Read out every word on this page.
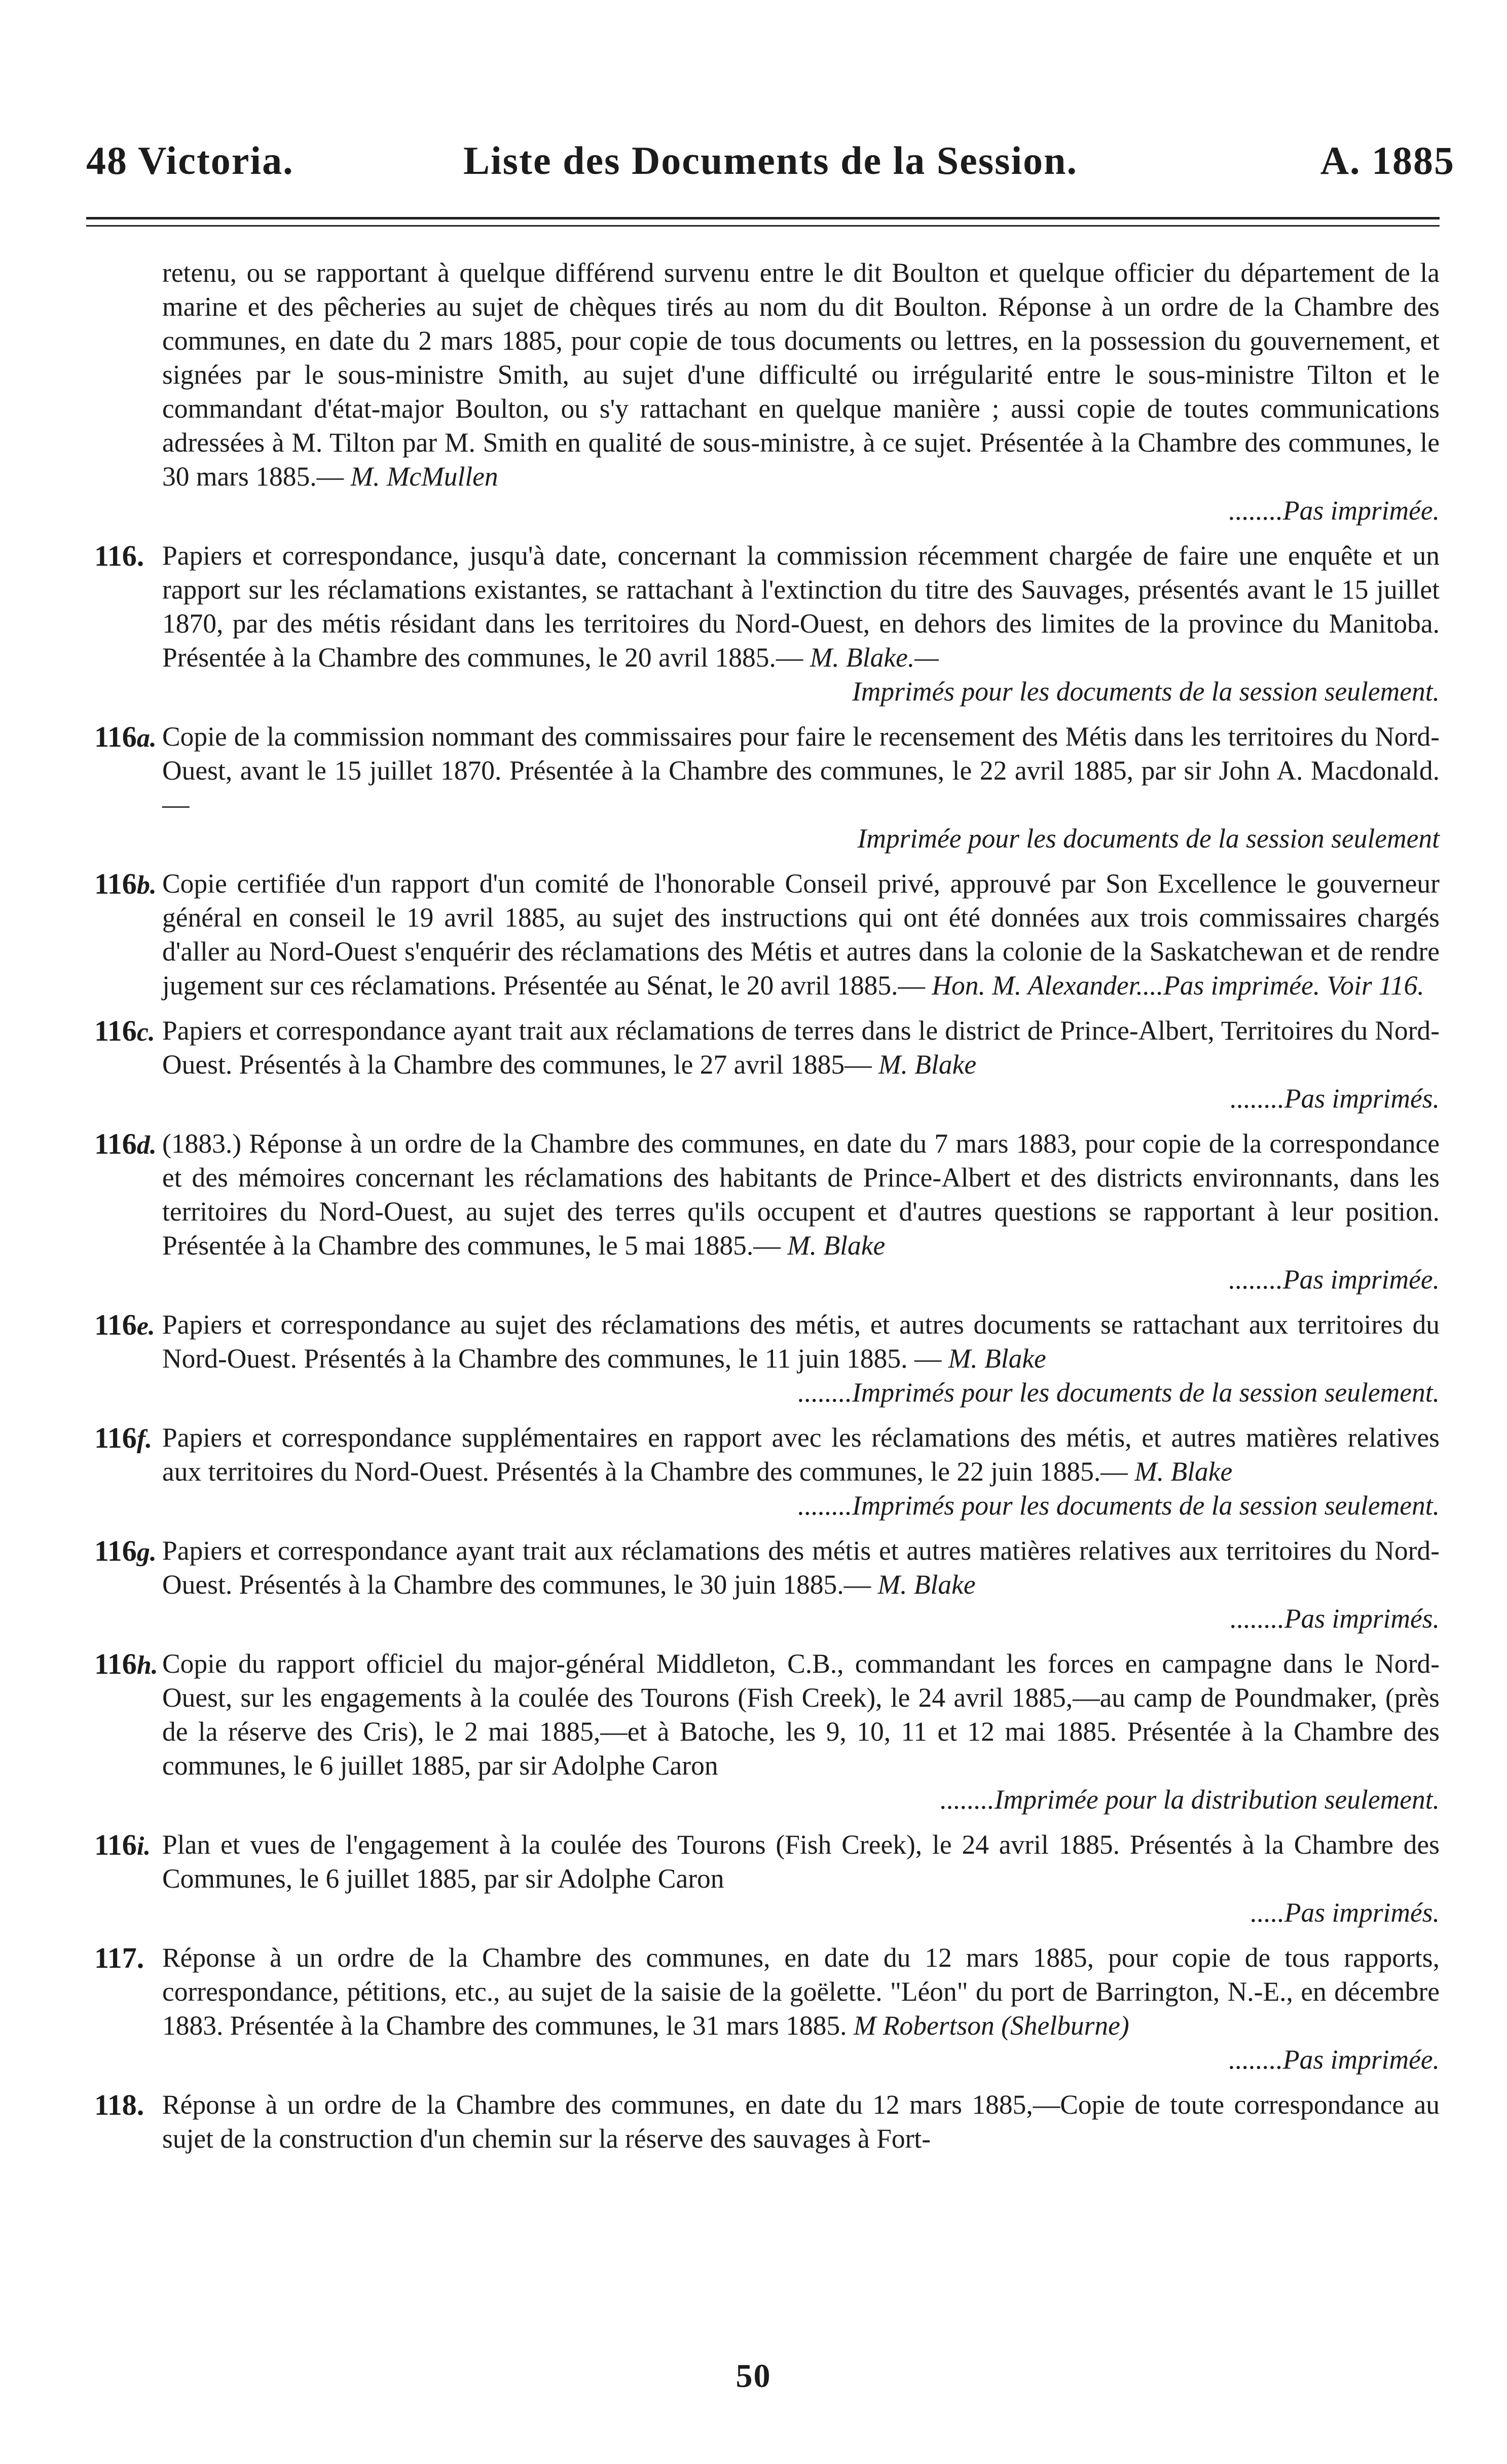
48 Victoria.	Liste des Documents de la Session.	A. 1885
retenu, ou se rapportant à quelque différend survenu entre le dit Boulton et quelque officier du département de la marine et des pêcheries au sujet de chèques tirés au nom du dit Boulton. Réponse à un ordre de la Chambre des communes, en date du 2 mars 1885, pour copie de tous documents ou lettres, en la possession du gouvernement, et signées par le sous-ministre Smith, au sujet d'une difficulté ou irrégularité entre le sous-ministre Tilton et le commandant d'état-major Boulton, ou s'y rattachant en quelque manière ; aussi copie de toutes communications adressées à M. Tilton par M. Smith en qualité de sous-ministre, à ce sujet. Présentée à la Chambre des communes, le 30 mars 1885.— M. McMullen
........Pas imprimée.
116. Papiers et correspondance, jusqu'à date, concernant la commission récemment chargée de faire une enquête et un rapport sur les réclamations existantes, se rattachant à l'extinction du titre des Sauvages, présentés avant le 15 juillet 1870, par des métis résidant dans les territoires du Nord-Ouest, en dehors des limites de la province du Manitoba. Présentée à la Chambre des communes, le 20 avril 1885.— M. Blake.—
Imprimés pour les documents de la session seulement.
116a. Copie de la commission nommant des commissaires pour faire le recensement des Métis dans les territoires du Nord-Ouest, avant le 15 juillet 1870. Présentée à la Chambre des communes, le 22 avril 1885, par sir John A. Macdonald.—
Imprimée pour les documents de la session seulement
116b. Copie certifiée d'un rapport d'un comité de l'honorable Conseil privé, approuvé par Son Excellence le gouverneur général en conseil le 19 avril 1885, au sujet des instructions qui ont été données aux trois commissaires chargés d'aller au Nord-Ouest s'enquérir des réclamations des Métis et autres dans la colonie de la Saskatchewan et de rendre jugement sur ces réclamations. Présentée au Sénat, le 20 avril 1885.— Hon. M. Alexander....Pas imprimée. Voir 116.
116c. Papiers et correspondance ayant trait aux réclamations de terres dans le district de Prince-Albert, Territoires du Nord-Ouest. Présentés à la Chambre des communes, le 27 avril 1885— M. Blake
........Pas imprimés.
116d. (1883.) Réponse à un ordre de la Chambre des communes, en date du 7 mars 1883, pour copie de la correspondance et des mémoires concernant les réclamations des habitants de Prince-Albert et des districts environnants, dans les territoires du Nord-Ouest, au sujet des terres qu'ils occupent et d'autres questions se rapportant à leur position. Présentée à la Chambre des communes, le 5 mai 1885.— M. Blake
........Pas imprimée.
116e. Papiers et correspondance au sujet des réclamations des métis, et autres documents se rattachant aux territoires du Nord-Ouest. Présentés à la Chambre des communes, le 11 juin 1885. — M. Blake
........Imprimés pour les documents de la session seulement.
116f. Papiers et correspondance supplémentaires en rapport avec les réclamations des métis, et autres matières relatives aux territoires du Nord-Ouest. Présentés à la Chambre des communes, le 22 juin 1885.— M. Blake
........Imprimés pour les documents de la session seulement.
116g. Papiers et correspondance ayant trait aux réclamations des métis et autres matières relatives aux territoires du Nord-Ouest. Présentés à la Chambre des communes, le 30 juin 1885.— M. Blake
........Pas imprimés.
116h. Copie du rapport officiel du major-général Middleton, C.B., commandant les forces en campagne dans le Nord-Ouest, sur les engagements à la coulée des Tourons (Fish Creek), le 24 avril 1885,—au camp de Poundmaker, (près de la réserve des Cris), le 2 mai 1885,—et à Batoche, les 9, 10, 11 et 12 mai 1885. Présentée à la Chambre des communes, le 6 juillet 1885, par sir Adolphe Caron
........Imprimée pour la distribution seulement.
116i. Plan et vues de l'engagement à la coulée des Tourons (Fish Creek), le 24 avril 1885. Présentés à la Chambre des Communes, le 6 juillet 1885, par sir Adolphe Caron
.....Pas imprimés.
117. Réponse à un ordre de la Chambre des communes, en date du 12 mars 1885, pour copie de tous rapports, correspondance, pétitions, etc., au sujet de la saisie de la goëlette. "Léon" du port de Barrington, N.-E., en décembre 1883. Présentée à la Chambre des communes, le 31 mars 1885. M Robertson (Shelburne)
........Pas imprimée.
118. Réponse à un ordre de la Chambre des communes, en date du 12 mars 1885,—Copie de toute correspondance au sujet de la construction d'un chemin sur la réserve des sauvages à Fort-
50
